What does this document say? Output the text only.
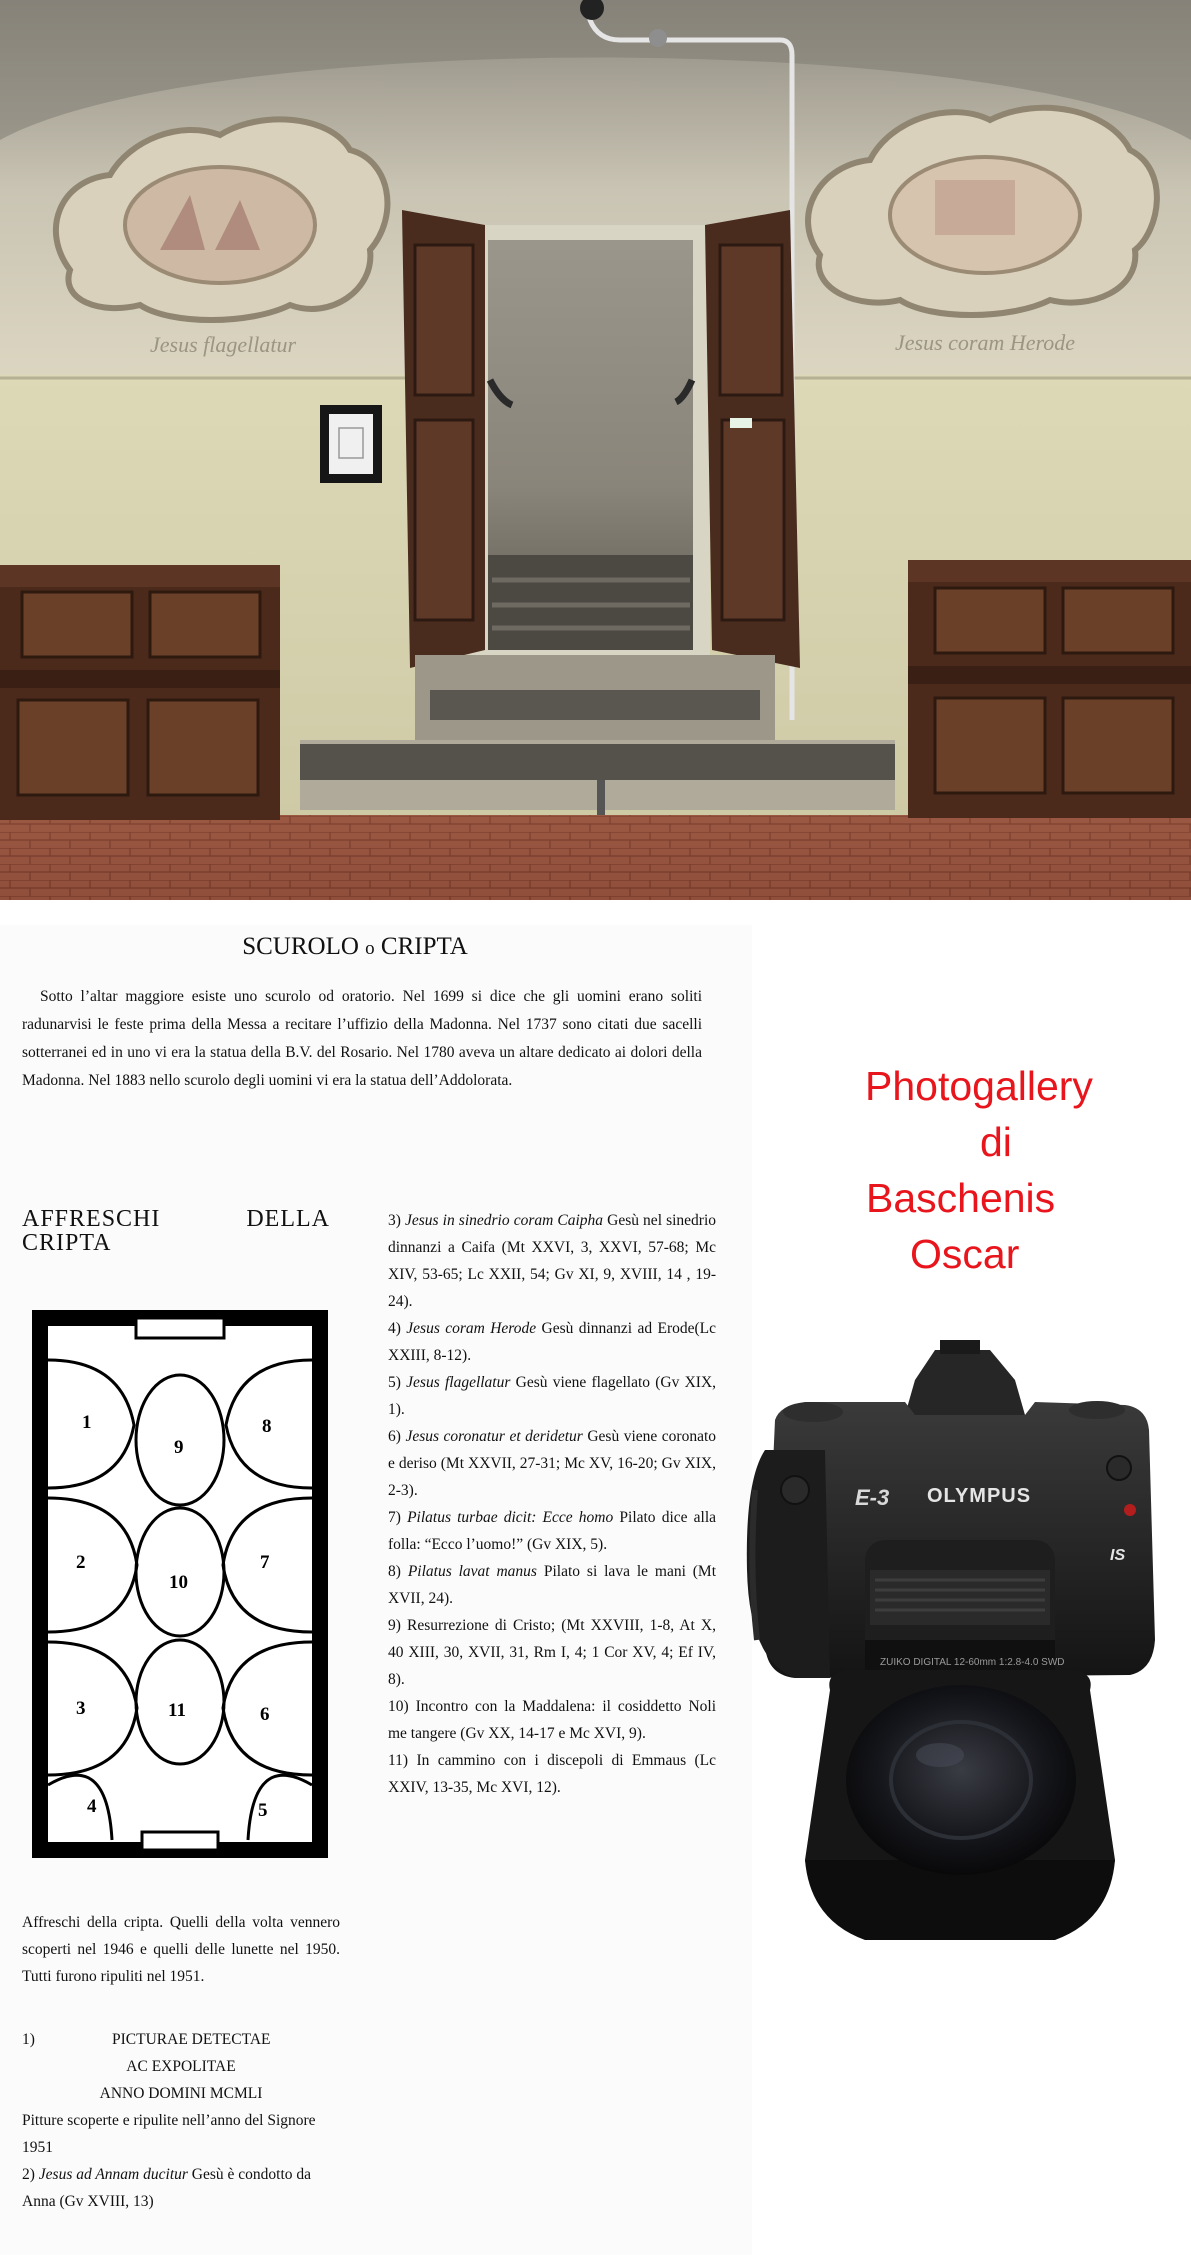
Jesus flagellatur	Jesus coram Herode
SCUROLO o CRIPTA

Sotto l’altar maggiore esiste uno scurolo od oratorio. Nel 1699 si dice che gli uomini erano soliti radunarvisi le feste prima della Messa a recitare l’uffizio della Madonna. Nel 1737 sono citati due sacelli sotterranei ed in uno vi era la statua della B.V. del Rosario. Nel 1780 aveva un altare dedicato ai dolori della Madonna. Nel 1883 nello scurolo degli uomini vi era la statua dell’Addolorata.

AFFRESCHI	DELLA
CRIPTA
1
2
3
4	5
6
7
8
9
10
11

3) Jesus in sinedrio coram Caipha Gesù nel sinedrio dinnanzi a Caifa (Mt XXVI, 3, XXVI, 57-68; Mc XIV, 53-65; Lc XXII, 54; Gv XI, 9, XVIII, 14 , 19-24).

4) Jesus coram Herode Gesù dinnanzi ad Erode(Lc XXIII, 8-12).

5) Jesus flagellatur Gesù viene flagellato (Gv XIX, 1).

6) Jesus coronatur et deridetur Gesù viene coronato e deriso (Mt XXVII, 27-31; Mc XV, 16-20; Gv XIX, 2-3).

7) Pilatus turbae dicit: Ecce homo Pilato dice alla folla: “Ecco l’uomo!” (Gv XIX, 5).

8) Pilatus lavat manus Pilato si lava le mani (Mt XVII, 24).

9) Resurrezione di Cristo; (Mt XXVIII, 1-8, At X, 40 XIII, 30, XVII, 31, Rm I, 4; 1 Cor XV, 4; Ef IV, 8).

10) Incontro con la Maddalena: il cosiddetto Noli me tangere (Gv XX, 14-17 e Mc XVI, 9).

11) In cammino con i discepoli di Emmaus (Lc XXIV, 13-35, Mc XVI, 12).

Affreschi della cripta. Quelli della volta vennero scoperti nel 1946 e quelli delle lunette nel 1950. Tutti furono ripuliti nel 1951.

1)	PICTURAE DETECTAE

AC EXPOLITAE

ANNO DOMINI MCMLI

Pitture scoperte e ripulite nell’anno del Signore 1951

2) Jesus ad Annam ducitur Gesù è condotto da Anna (Gv XVIII, 13)

Photogallery
di
Baschenis
Oscar
E-3 OLYMPUS
IS
ZUIKO DIGITAL 12-60mm 1:2.8-4.0 SWD
